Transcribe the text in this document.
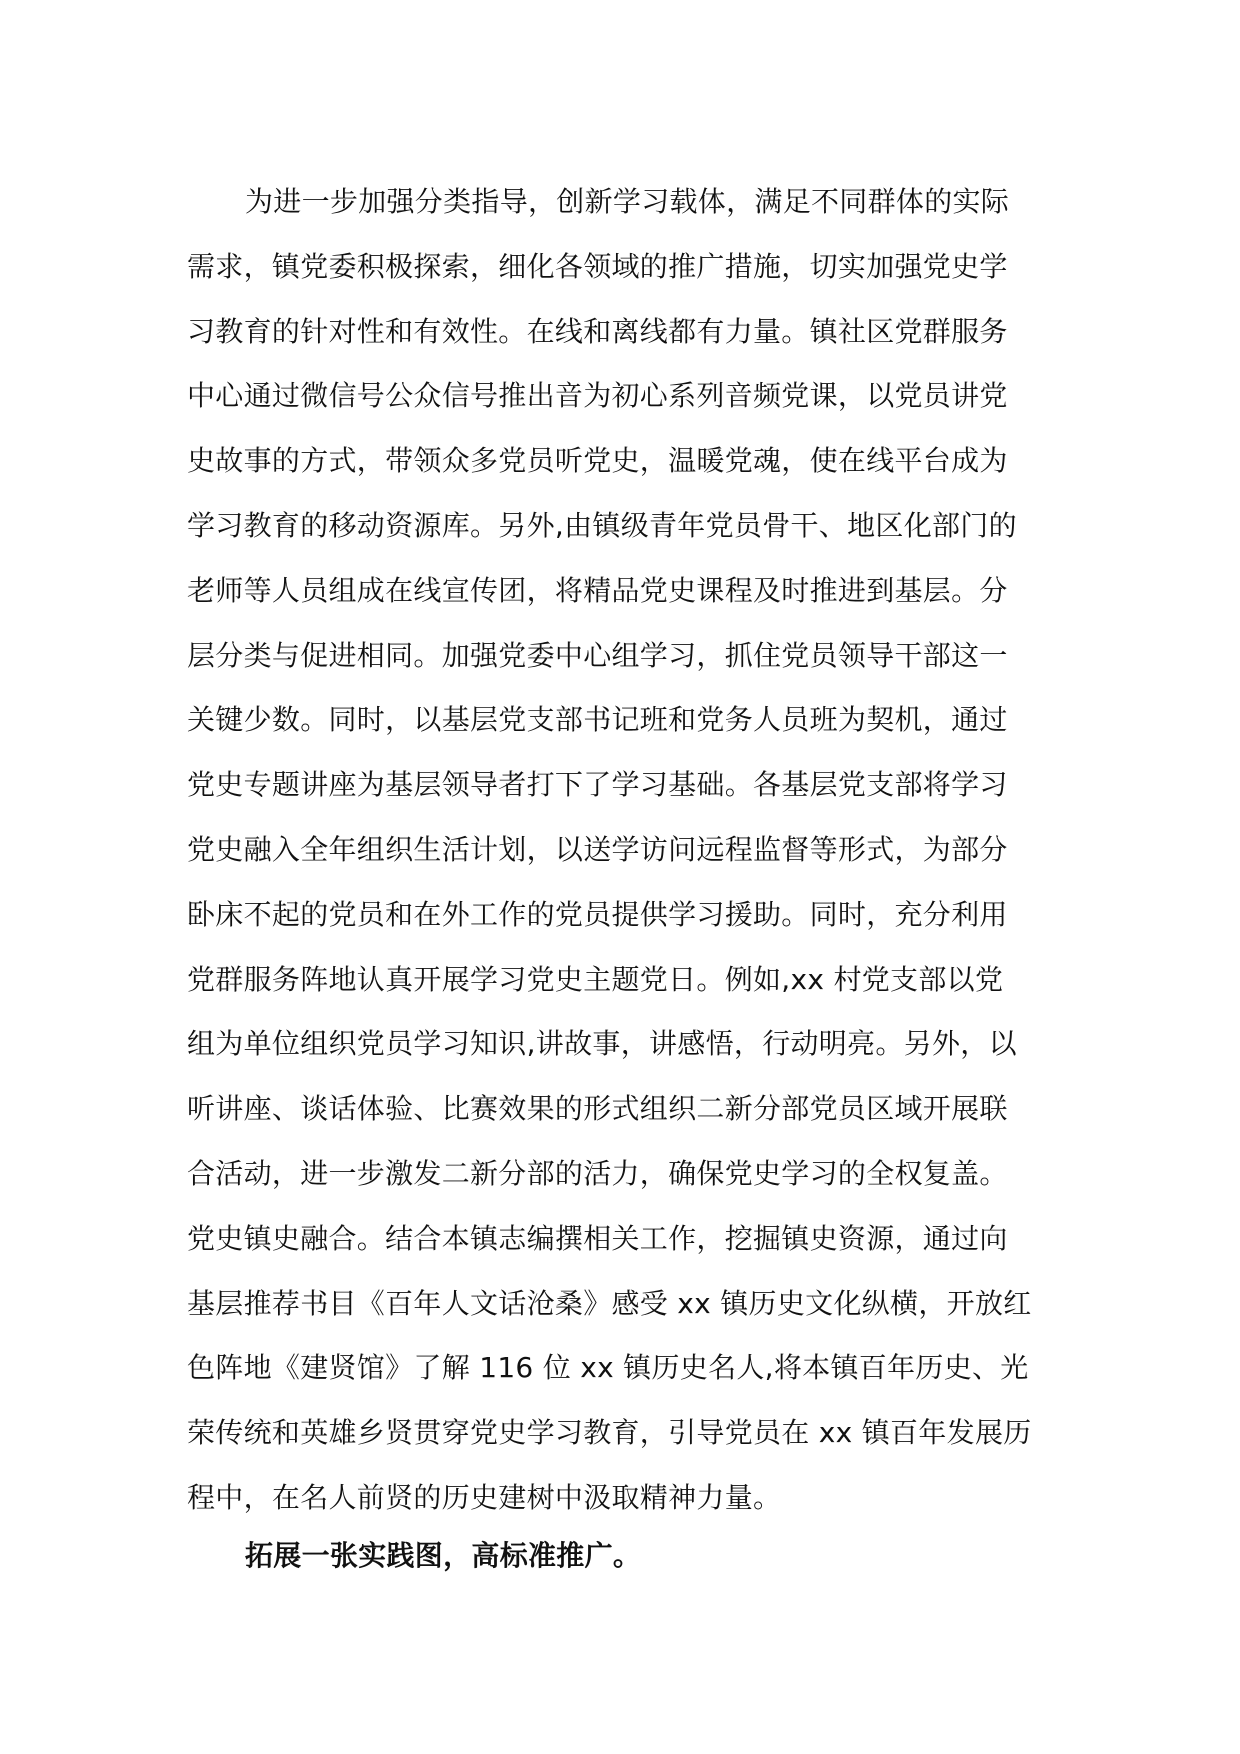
为进一步加强分类指导，创新学习载体，满足不同群体的实际
需求，镇党委积极探索，细化各领域的推广措施，切实加强党史学
习教育的针对性和有效性。在线和离线都有力量。镇社区党群服务
中心通过微信号公众信号推出音为初心系列音频党课，以党员讲党
史故事的方式，带领众多党员听党史，温暖党魂，使在线平台成为
学习教育的移动资源库。另外,由镇级青年党员骨干、地区化部门的
老师等人员组成在线宣传团，将精品党史课程及时推进到基层。分
层分类与促进相同。加强党委中心组学习，抓住党员领导干部这一
关键少数。同时，以基层党支部书记班和党务人员班为契机，通过
党史专题讲座为基层领导者打下了学习基础。各基层党支部将学习
党史融入全年组织生活计划，以送学访问远程监督等形式，为部分
卧床不起的党员和在外工作的党员提供学习援助。同时，充分利用
党群服务阵地认真开展学习党史主题党日。例如,xx 村党支部以党
组为单位组织党员学习知识,讲故事，讲感悟，行动明亮。另外，以
听讲座、谈话体验、比赛效果的形式组织二新分部党员区域开展联
合活动，进一步激发二新分部的活力，确保党史学习的全权复盖。
党史镇史融合。结合本镇志编撰相关工作，挖掘镇史资源，通过向
基层推荐书目《百年人文话沧桑》感受 xx 镇历史文化纵横，开放红
色阵地《建贤馆》了解 116 位 xx 镇历史名人,将本镇百年历史、光
荣传统和英雄乡贤贯穿党史学习教育，引导党员在 xx 镇百年发展历
程中，在名人前贤的历史建树中汲取精神力量。
拓展一张实践图，高标准推广。
